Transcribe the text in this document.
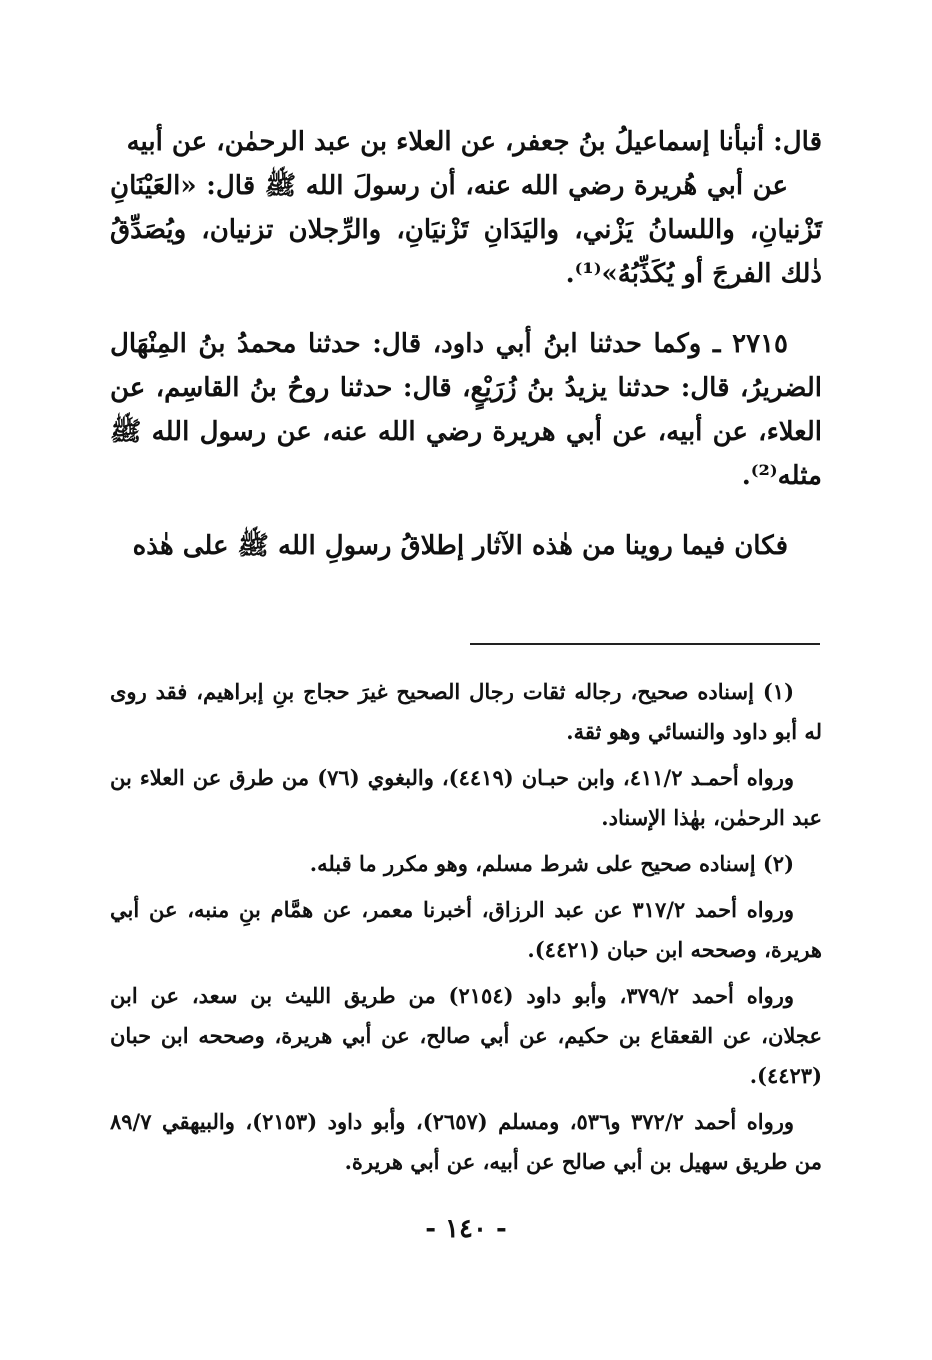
قال: أنبأنا إسماعيلُ بنُ جعفر، عن العلاء بن عبد الرحمٰن، عن أبيه

عن أبي هُريرة رضي الله عنه، أن رسولَ الله ﷺ قال: «العَيْنَانِ تَزْنيانِ، واللسانُ يَزْني، واليَدَانِ تَزْنيَانِ، والرِّجلان تزنيان، ويُصَدِّقُ ذٰلك الفرجَ أو يُكَذِّبُهُ»⁽¹⁾.

٢٧١٥ ـ وكما حدثنا ابنُ أبي داود، قال: حدثنا محمدُ بنُ المِنْهَال الضريرُ، قال: حدثنا يزيدُ بنُ زُرَيْعٍ، قال: حدثنا روحُ بنُ القاسِم، عن العلاء، عن أبيه، عن أبي هريرة رضي الله عنه، عن رسول الله ﷺ مثله⁽²⁾.

فكان فيما روينا من هٰذه الآثار إطلاقُ رسولِ الله ﷺ على هٰذه

(١) إسناده صحيح، رجاله ثقات رجال الصحيح غيرَ حجاج بنِ إبراهيم، فقد روى له أبو داود والنسائي وهو ثقة.

ورواه أحمـد ٤١١/٢، وابن حبـان (٤٤١٩)، والبغوي (٧٦) من طرق عن العلاء بن عبد الرحمٰن، بهٰذا الإسناد.

(٢) إسناده صحيح على شرط مسلم، وهو مكرر ما قبله.

ورواه أحمد ٣١٧/٢ عن عبد الرزاق، أخبرنا معمر، عن همَّام بنِ منبه، عن أبي هريرة، وصححه ابن حبان (٤٤٢١).

ورواه أحمد ٣٧٩/٢، وأبو داود (٢١٥٤) من طريق الليث بن سعد، عن ابن عجلان، عن القعقاع بن حكيم، عن أبي صالح، عن أبي هريرة، وصححه ابن حبان (٤٤٢٣).

ورواه أحمد ٣٧٢/٢ و٥٣٦، ومسلم (٢٦٥٧)، وأبو داود (٢١٥٣)، والبيهقي ٨٩/٧ من طريق سهيل بن أبي صالح عن أبيه، عن أبي هريرة.

- ١٤٠ -
